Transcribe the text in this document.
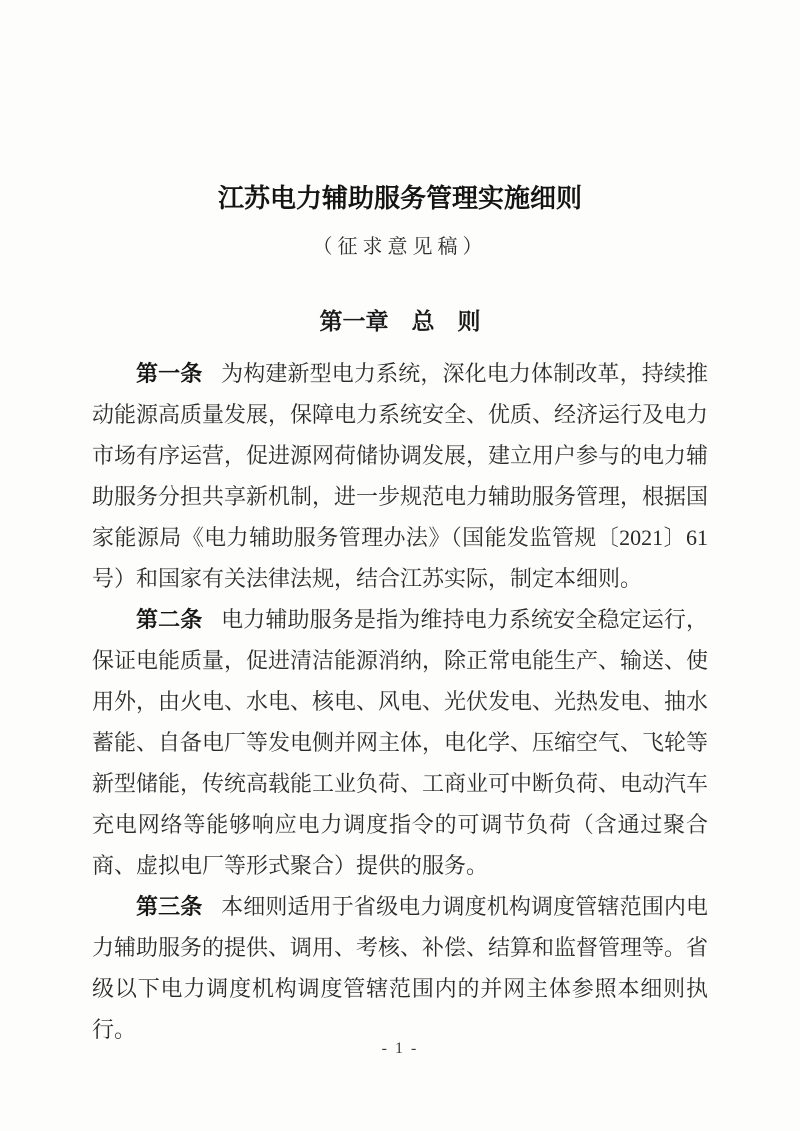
江苏电力辅助服务管理实施细则
（征求意见稿）
第一章　总　则

第一条 为构建新型电力系统，深化电力体制改革，持续推动能源高质量发展，保障电力系统安全、优质、经济运行及电力市场有序运营，促进源网荷储协调发展，建立用户参与的电力辅助服务分担共享新机制，进一步规范电力辅助服务管理，根据国家能源局《电力辅助服务管理办法》（国能发监管规〔2021〕61号）和国家有关法律法规，结合江苏实际，制定本细则。

第二条 电力辅助服务是指为维持电力系统安全稳定运行，保证电能质量，促进清洁能源消纳，除正常电能生产、输送、使用外，由火电、水电、核电、风电、光伏发电、光热发电、抽水蓄能、自备电厂等发电侧并网主体，电化学、压缩空气、飞轮等新型储能，传统高载能工业负荷、工商业可中断负荷、电动汽车充电网络等能够响应电力调度指令的可调节负荷（含通过聚合商、虚拟电厂等形式聚合）提供的服务。

第三条 本细则适用于省级电力调度机构调度管辖范围内电力辅助服务的提供、调用、考核、补偿、结算和监督管理等。省级以下电力调度机构调度管辖范围内的并网主体参照本细则执行。

- 1 -
